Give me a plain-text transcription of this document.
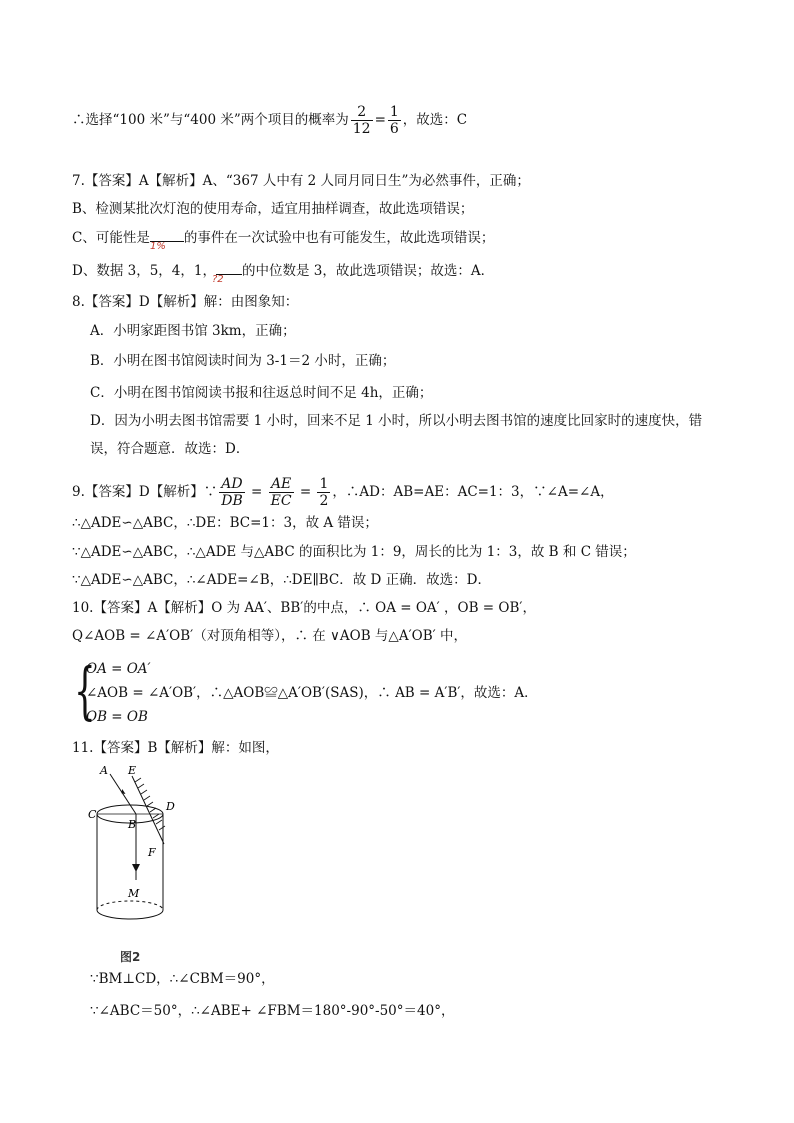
∴选择“100 米”与“400 米”两个项目的概率为 $\frac{2}{12} = \frac{1}{6}$ ，故选：C
7.【答案】A【解析】A、“367 人中有 2 人同月同日生”为必然事件，正确；
B、检测某批次灯泡的使用寿命，适宜用抽样调查，故此选项错误；
C、可能性是	的事件在一次试验中也有可能发生，故此选项错误；
1%
D、数据 3，5，4，1， 的中位数是 3，故此选项错误；故选：A．
?2
8.【答案】D【解析】解：由图象知：
A．小明家距图书馆 3km，正确；
B．小明在图书馆阅读时间为 3-1＝2 小时，正确；
C．小明在图书馆阅读书报和往返总时间不足 4h，正确；
D．因为小明去图书馆需要 1 小时，回来不足 1 小时，所以小明去图书馆的速度比回家时的速度快，错
误，符合题意．故选：D．
9.【答案】D【解析】∵ $\frac{AD}{DB} = \frac{AE}{EC} = \frac{1}{2}$ ，∴AD：AB=AE：AC=1：3，∵∠A=∠A，
∴△ADE∽△ABC，∴DE：BC=1：3，故 A 错误；
∵△ADE∽△ABC，∴△ADE 与△ABC 的面积比为 1：9，周长的比为 1：3，故 B 和 C 错误；
∵△ADE∽△ABC，∴∠ADE=∠B，∴DE∥BC．故 D 正确．故选：D．
10.【答案】A【解析】O 为 AA′、BB′的中点，∴ OA = OA′ ，OB = OB′，
Q∠AOB = ∠A′OB′（对顶角相等），∴ 在 ∨AOB 与△A′OB′ 中，
{
OA = OA′
∠AOB = ∠A′OB′，∴△AOB≌△A′OB′(SAS)，∴ AB = A′B′，故选：A．
OB = OB
11.【答案】B【解析】解：如图，
A E
C
D
B
F
M
图2
∵BM⊥CD，∴∠CBM＝90°，
∵∠ABC＝50°，∴∠ABE+ ∠FBM＝180°-90°-50°＝40°，
